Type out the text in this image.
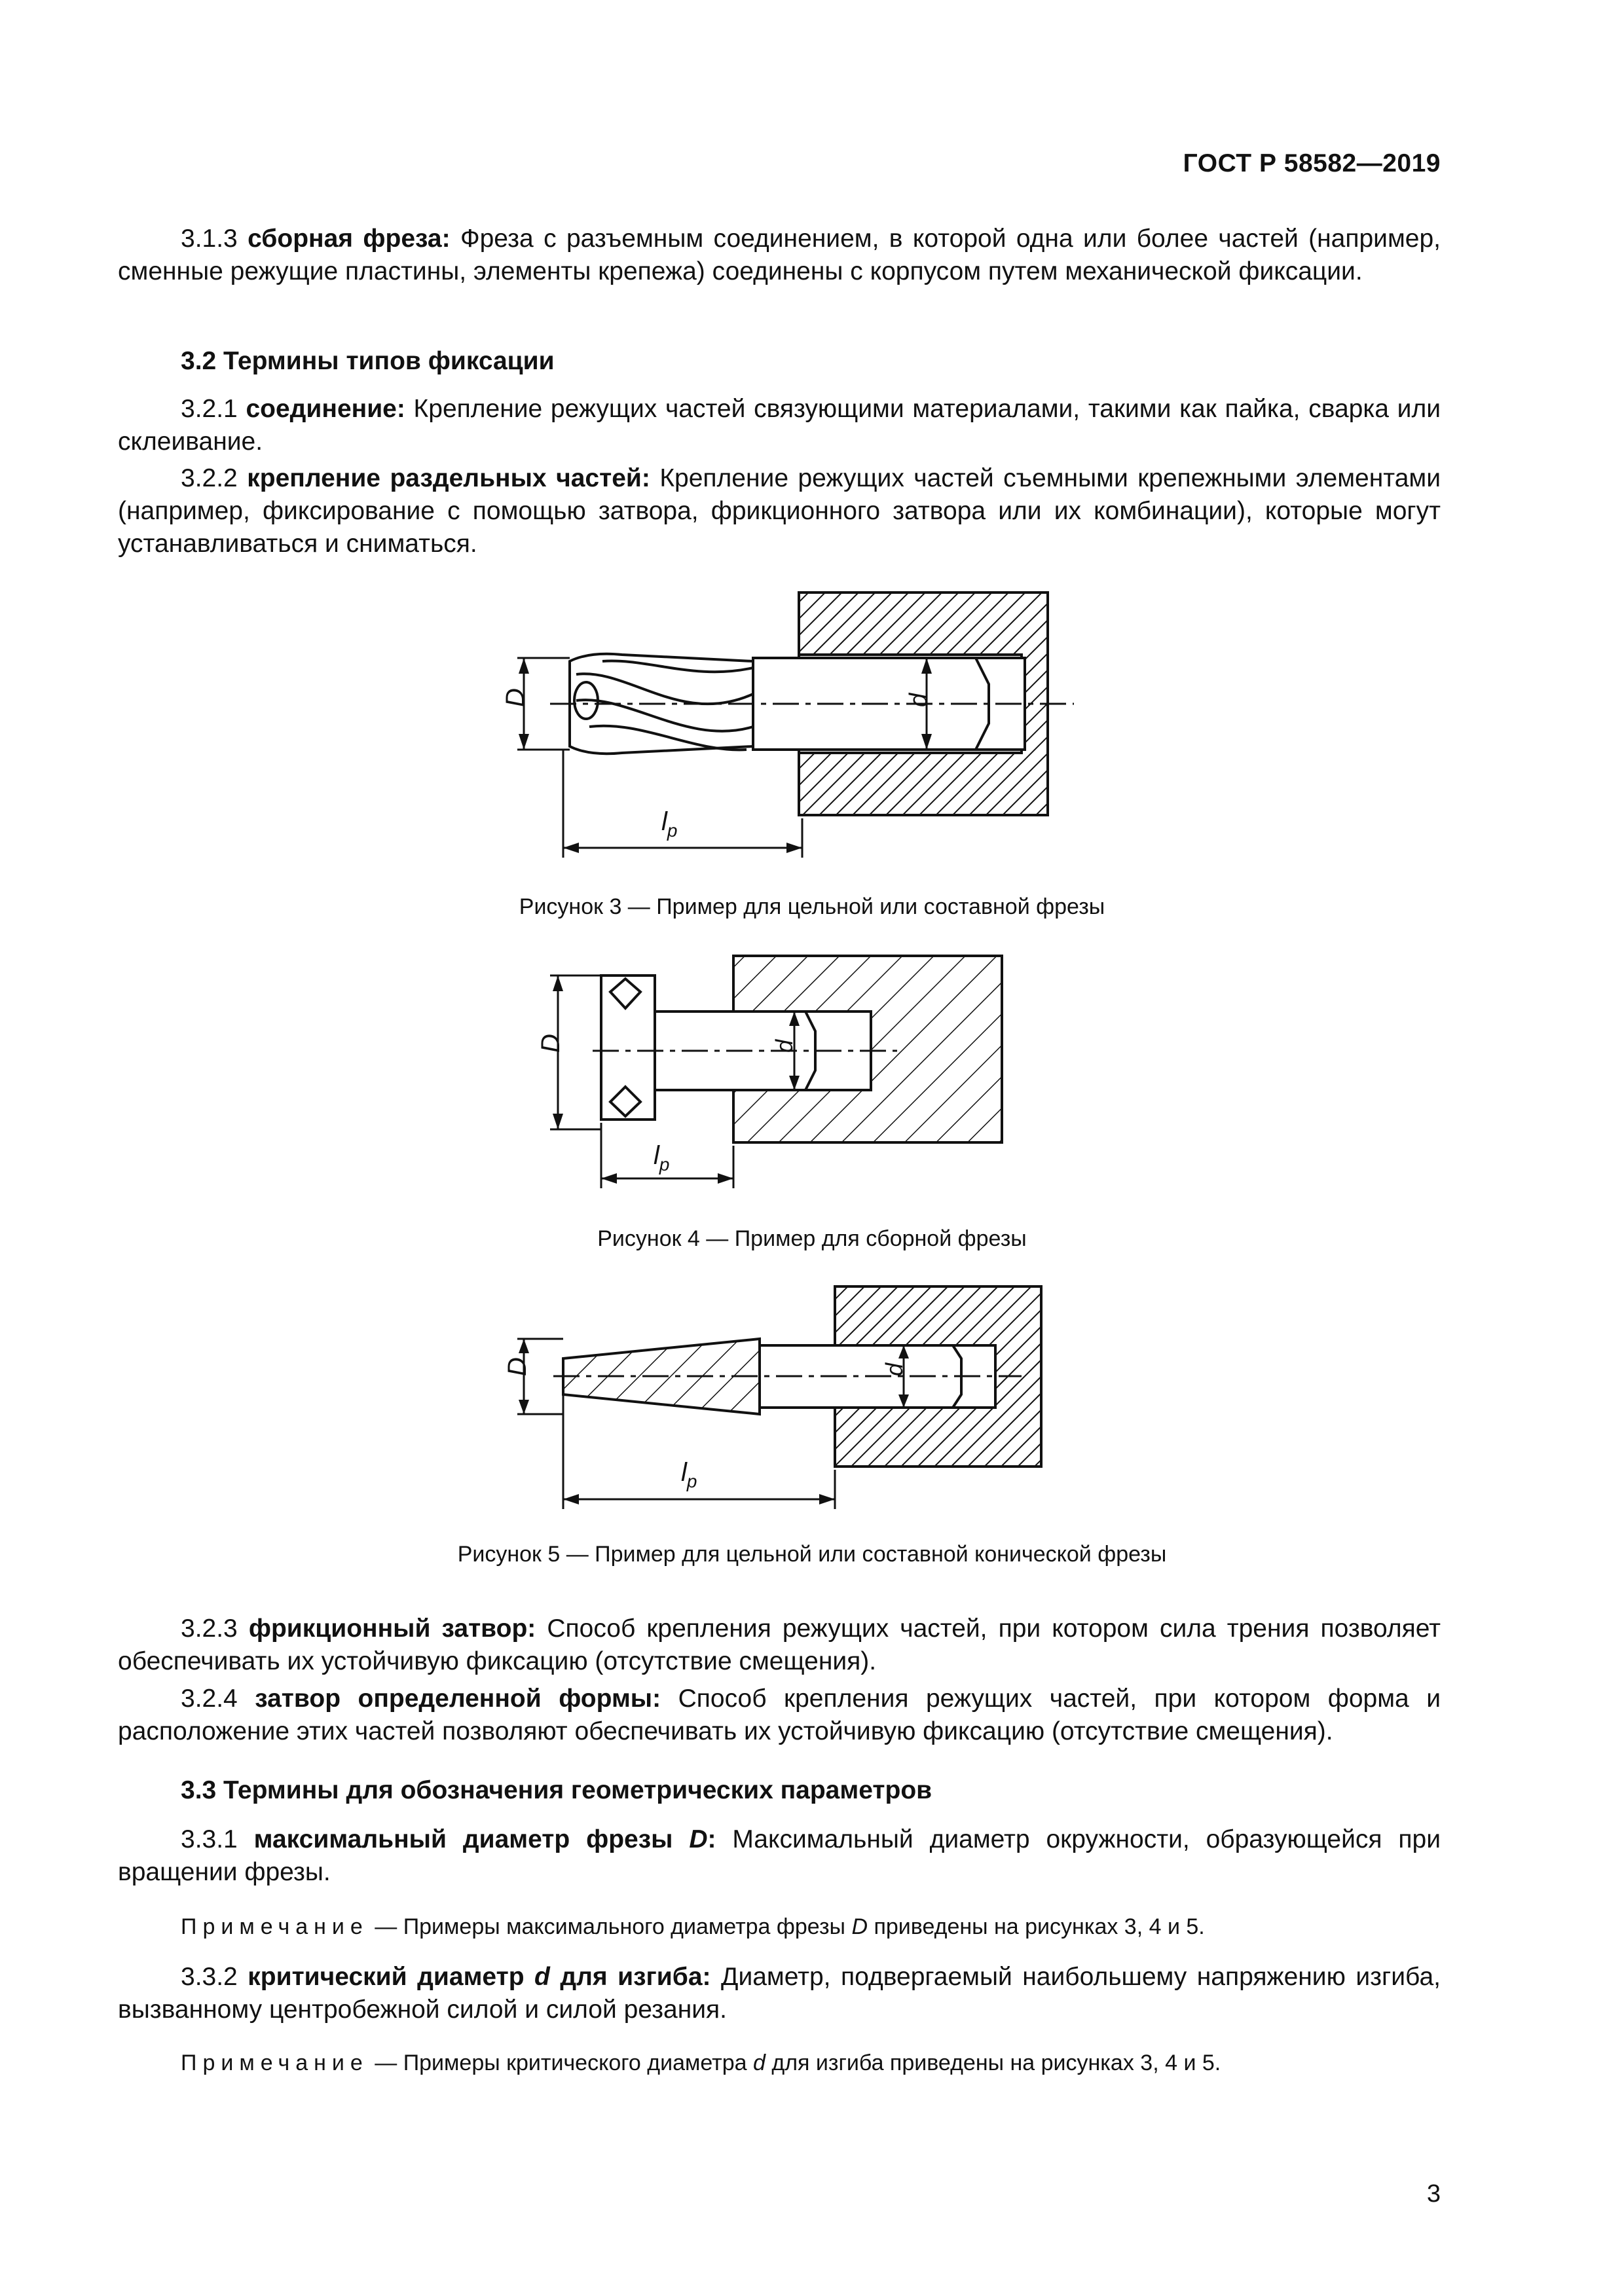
ГОСТ Р 58582—2019
3.1.3 сборная фреза: Фреза с разъемным соединением, в которой одна или более частей (например, сменные режущие пластины, элементы крепежа) соединены с корпусом путем механической фиксации.
3.2 Термины типов фиксации
3.2.1 соединение: Крепление режущих частей связующими материалами, такими как пайка, сварка или склеивание.
3.2.2 крепление раздельных частей: Крепление режущих частей съемными крепежными элементами (например, фиксирование с помощью затвора, фрикционного затвора или их комбинации), которые могут устанавливаться и сниматься.
D	d
$l_p$
D	d
$l_p$
D	d
$l_p$
Рисунок 3 — Пример для цельной или составной фрезы
Рисунок 4 — Пример для сборной фрезы
Рисунок 5 — Пример для цельной или составной конической фрезы
3.2.3 фрикционный затвор: Способ крепления режущих частей, при котором сила трения позволяет обеспечивать их устойчивую фиксацию (отсутствие смещения).
3.2.4 затвор определенной формы: Способ крепления режущих частей, при котором форма и расположение этих частей позволяют обеспечивать их устойчивую фиксацию (отсутствие смещения).
3.3 Термины для обозначения геометрических параметров
3.3.1 максимальный диаметр фрезы D: Максимальный диаметр окружности, образующейся при вращении фрезы.
Примечание — Примеры максимального диаметра фрезы D приведены на рисунках 3, 4 и 5.
3.3.2 критический диаметр d для изгиба: Диаметр, подвергаемый наибольшему напряжению изгиба, вызванному центробежной силой и силой резания.
Примечание — Примеры критического диаметра d для изгиба приведены на рисунках 3, 4 и 5.
3
